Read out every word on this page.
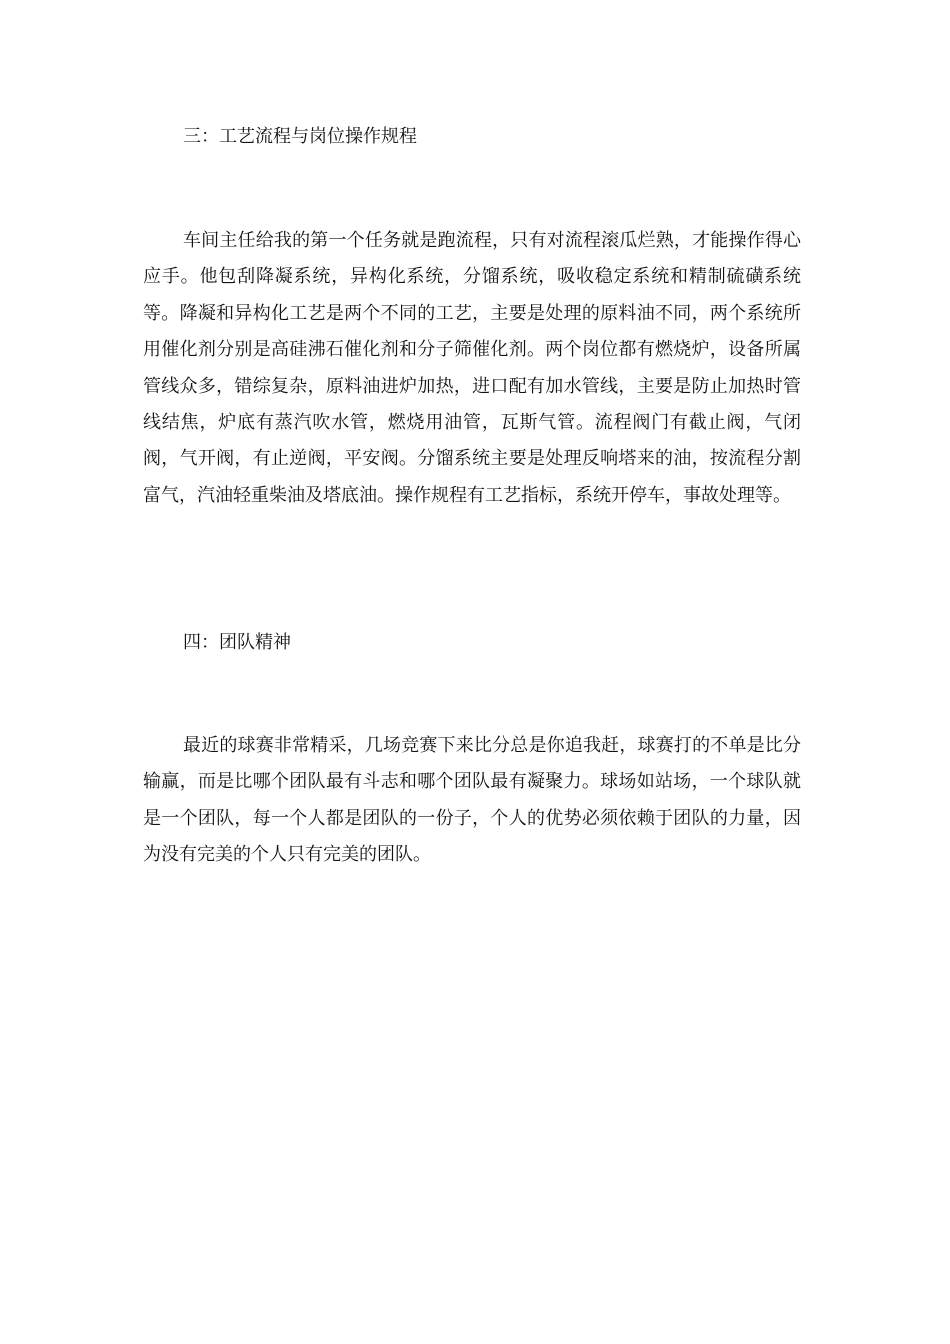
三：工艺流程与岗位操作规程

车间主任给我的第一个任务就是跑流程，只有对流程滚瓜烂熟，才能操作得心应手。他包刮降凝系统，异构化系统，分馏系统，吸收稳定系统和精制硫磺系统等。降凝和异构化工艺是两个不同的工艺，主要是处理的原料油不同，两个系统所用催化剂分别是高硅沸石催化剂和分子筛催化剂。两个岗位都有燃烧炉，设备所属管线众多，错综复杂，原料油进炉加热，进口配有加水管线，主要是防止加热时管线结焦，炉底有蒸汽吹水管，燃烧用油管，瓦斯气管。流程阀门有截止阀，气闭阀，气开阀，有止逆阀，平安阀。分馏系统主要是处理反响塔来的油，按流程分割富气，汽油轻重柴油及塔底油。操作规程有工艺指标，系统开停车，事故处理等。

四：团队精神

最近的球赛非常精采，几场竞赛下来比分总是你追我赶，球赛打的不单是比分输赢，而是比哪个团队最有斗志和哪个团队最有凝聚力。球场如站场，一个球队就是一个团队，每一个人都是团队的一份子，个人的优势必须依赖于团队的力量，因为没有完美的个人只有完美的团队。
